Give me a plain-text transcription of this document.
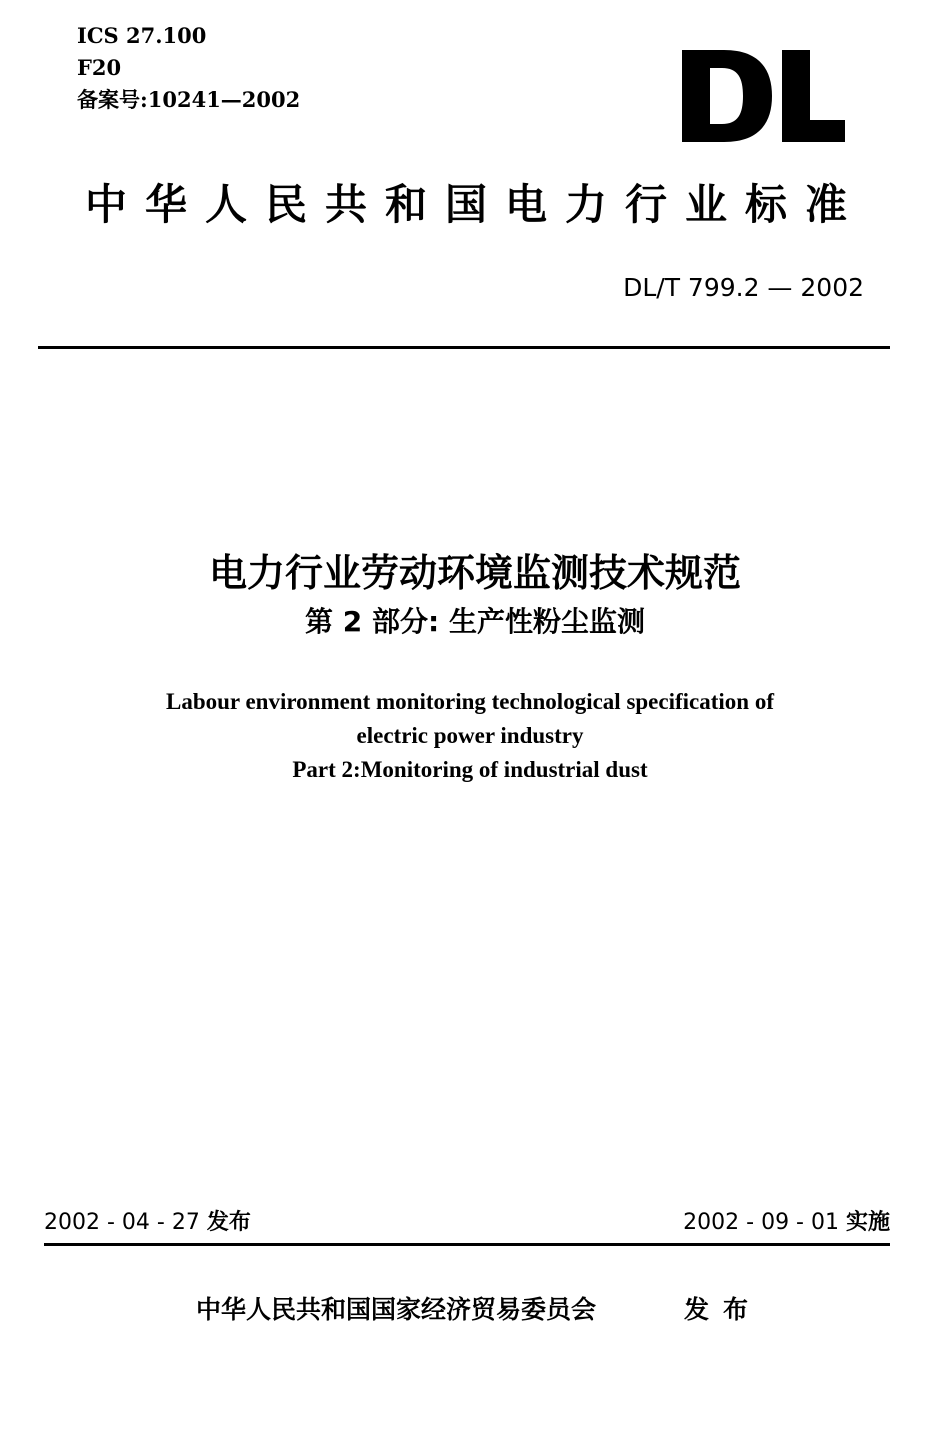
ICS 27.100
F20
备案号:10241—2002
中华人民共和国电力行业标准
DL/T 799.2 — 2002
电力行业劳动环境监测技术规范
第 2 部分: 生产性粉尘监测
Labour environment monitoring technological specification of
electric power industry
Part 2:Monitoring of industrial dust
2002 - 04 - 27 发布	2002 - 09 - 01 实施
中华人民共和国国家经济贸易委员会	发布
